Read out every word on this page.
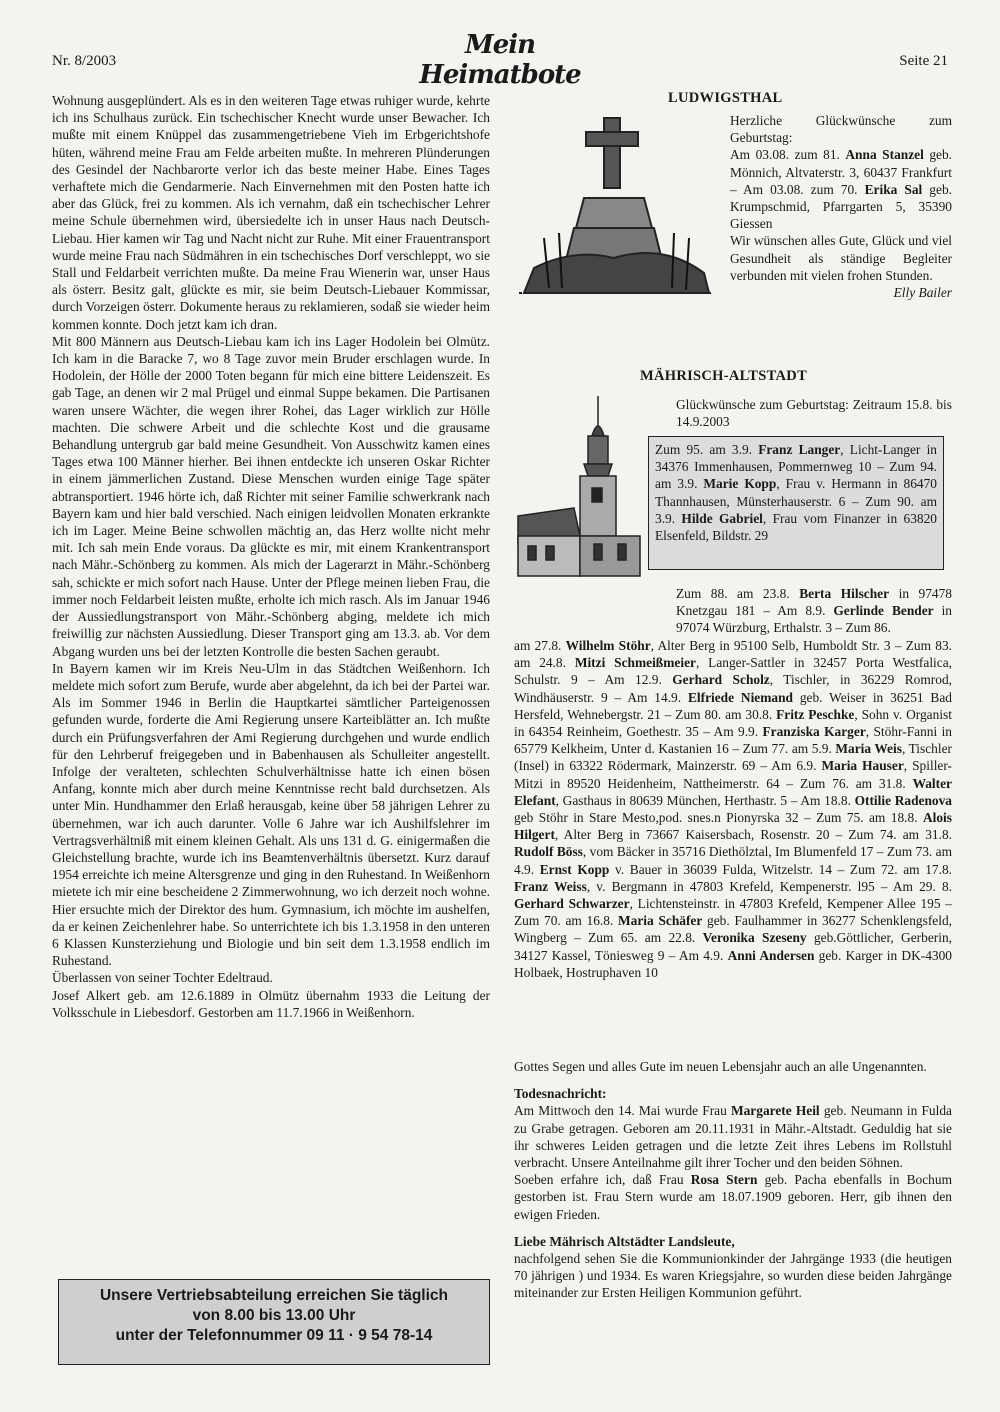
Nr. 8/2003
Mein Heimatbote	Seite 21

Wohnung ausgeplündert. Als es in den weiteren Tage etwas ruhiger wurde, kehrte ich ins Schulhaus zurück. Ein tschechischer Knecht wurde unser Bewacher. Ich mußte mit einem Knüppel das zusammengetriebene Vieh im Erbgerichtshofe hüten, während meine Frau am Felde arbeiten mußte. In mehreren Plünderungen des Gesindel der Nachbarorte verlor ich das beste meiner Habe. Eines Tages verhaftete mich die Gendarmerie. Nach Einvernehmen mit den Posten hatte ich aber das Glück, frei zu kommen. Als ich vernahm, daß ein tschechischer Lehrer meine Schule übernehmen wird, übersiedelte ich in unser Haus nach Deutsch-Liebau. Hier kamen wir Tag und Nacht nicht zur Ruhe. Mit einer Frauentransport wurde meine Frau nach Südmähren in ein tschechisches Dorf verschleppt, wo sie Stall und Feldarbeit verrichten mußte. Da meine Frau Wienerin war, unser Haus als österr. Besitz galt, glückte es mir, sie beim Deutsch-Liebauer Kommissar, durch Vorzeigen österr. Dokumente heraus zu reklamieren, sodaß sie wieder heim kommen konnte. Doch jetzt kam ich dran.

Mit 800 Männern aus Deutsch-Liebau kam ich ins Lager Hodolein bei Olmütz. Ich kam in die Baracke 7, wo 8 Tage zuvor mein Bruder erschlagen wurde. In Hodolein, der Hölle der 2000 Toten begann für mich eine bittere Leidenszeit. Es gab Tage, an denen wir 2 mal Prügel und einmal Suppe bekamen. Die Partisanen waren unsere Wächter, die wegen ihrer Rohei, das Lager wirklich zur Hölle machten. Die schwere Arbeit und die schlechte Kost und die grausame Behandlung untergrub gar bald meine Gesundheit. Von Ausschwitz kamen eines Tages etwa 100 Männer hierher. Bei ihnen entdeckte ich unseren Oskar Richter in einem jämmerlichen Zustand. Diese Menschen wurden einige Tage später abtransportiert. 1946 hörte ich, daß Richter mit seiner Familie schwerkrank nach Bayern kam und hier bald verschied. Nach einigen leidvollen Monaten erkrankte ich im Lager. Meine Beine schwollen mächtig an, das Herz wollte nicht mehr mit. Ich sah mein Ende voraus. Da glückte es mir, mit einem Krankentransport nach Mähr.-Schönberg zu kommen. Als mich der Lagerarzt in Mähr.-Schönberg sah, schickte er mich sofort nach Hause. Unter der Pflege meinen lieben Frau, die immer noch Feldarbeit leisten mußte, erholte ich mich rasch. Als im Januar 1946 der Aussiedlungstransport von Mähr.-Schönberg abging, meldete ich mich freiwillig zur nächsten Aussiedlung. Dieser Transport ging am 13.3. ab. Vor dem Abgang wurden uns bei der letzten Kontrolle die besten Sachen geraubt.

In Bayern kamen wir im Kreis Neu-Ulm in das Städtchen Weißenhorn. Ich meldete mich sofort zum Berufe, wurde aber abgelehnt, da ich bei der Partei war. Als im Sommer 1946 in Berlin die Hauptkartei sämtlicher Parteigenossen gefunden wurde, forderte die Ami Regierung unsere Karteiblätter an. Ich mußte durch ein Prüfungsverfahren der Ami Regierung durchgehen und wurde endlich für den Lehrberuf freigegeben und in Babenhausen als Schulleiter angestellt. Infolge der veralteten, schlechten Schulverhältnisse hatte ich einen bösen Anfang, konnte mich aber durch meine Kenntnisse recht bald durchsetzen. Als unter Min. Hundhammer den Erlaß herausgab, keine über 58 jährigen Lehrer zu übernehmen, war ich auch darunter. Volle 6 Jahre war ich Aushilfslehrer im Vertragsverhältniß mit einem kleinen Gehalt. Als uns 131 d. G. einigermaßen die Gleichstellung brachte, wurde ich ins Beamtenverhältnis übersetzt. Kurz darauf 1954 erreichte ich meine Altersgrenze und ging in den Ruhestand. In Weißenhorn mietete ich mir eine bescheidene 2 Zimmerwohnung, wo ich derzeit noch wohne. Hier ersuchte mich der Direktor des hum. Gymnasium, ich möchte im aushelfen, da er keinen Zeichenlehrer habe. So unterrichtete ich bis 1.3.1958 in den unteren 6 Klassen Kunsterziehung und Biologie und bin seit dem 1.3.1958 endlich im Ruhestand.

Überlassen von seiner Tochter Edeltraud.

Josef Alkert geb. am 12.6.1889 in Olmütz übernahm 1933 die Leitung der Volksschule in Liebesdorf. Gestorben am 11.7.1966 in Weißenhorn.

Unsere Vertriebsabteilung erreichen Sie täglich
von 8.00 bis 13.00 Uhr
unter der Telefonnummer 09 11 · 9 54 78-14
LUDWIGSTHAL

Herzliche Glückwünsche zum Geburtstag:

Am 03.08. zum 81. Anna Stanzel geb. Mönnich, Altvaterstr. 3, 60437 Frankfurt – Am 03.08. zum 70. Erika Sal geb. Krumpschmid, Pfarrgarten 5, 35390 Giessen

Wir wünschen alles Gute, Glück und viel Gesundheit als ständige Begleiter verbunden mit vielen frohen Stunden.
Elly Bailer

MÄHRISCH-ALTSTADT
Glückwünsche zum Geburtstag: Zeitraum 15.8. bis 14.9.2003
Zum 95. am 3.9. Franz Langer, Licht-Langer in 34376 Immenhausen, Pommernweg 10 – Zum 94. am 3.9. Marie Kopp, Frau v. Hermann in 86470 Thannhausen, Münsterhauserstr. 6 – Zum 90. am 3.9. Hilde Gabriel, Frau vom Finanzer in 63820 Elsenfeld, Bildstr. 29
Zum 88. am 23.8. Berta Hilscher in 97478 Knetzgau 181 – Am 8.9. Gerlinde Bender in 97074 Würzburg, Erthalstr. 3 – Zum 86.
am 27.8. Wilhelm Stöhr, Alter Berg in 95100 Selb, Humboldt Str. 3 – Zum 83. am 24.8. Mitzi Schmeißmeier, Langer-Sattler in 32457 Porta Westfalica, Schulstr. 9 – Am 12.9. Gerhard Scholz, Tischler, in 36229 Romrod, Windhäuserstr. 9 – Am 14.9. Elfriede Niemand geb. Weiser in 36251 Bad Hersfeld, Wehnebergstr. 21 – Zum 80. am 30.8. Fritz Peschke, Sohn v. Organist in 64354 Reinheim, Goethestr. 35 – Am 9.9. Franziska Karger, Stöhr-Fanni in 65779 Kelkheim, Unter d. Kastanien 16 – Zum 77. am 5.9. Maria Weis, Tischler (Insel) in 63322 Rödermark, Mainzerstr. 69 – Am 6.9. Maria Hauser, Spiller-Mitzi in 89520 Heidenheim, Nattheimerstr. 64 – Zum 76. am 31.8. Walter Elefant, Gasthaus in 80639 München, Herthastr. 5 – Am 18.8. Ottilie Radenova geb Stöhr in Stare Mesto,pod. snes.n Pionyrska 32 – Zum 75. am 18.8. Alois Hilgert, Alter Berg in 73667 Kaisersbach, Rosenstr. 20 – Zum 74. am 31.8. Rudolf Böss, vom Bäcker in 35716 Diethölztal, Im Blumenfeld 17 – Zum 73. am 4.9. Ernst Kopp v. Bauer in 36039 Fulda, Witzelstr. 14 – Zum 72. am 17.8. Franz Weiss, v. Bergmann in 47803 Krefeld, Kempenerstr. l95 – Am 29. 8. Gerhard Schwarzer, Lichtensteinstr. in 47803 Krefeld, Kempener Allee 195 – Zum 70. am 16.8. Maria Schäfer geb. Faulhammer in 36277 Schenklengsfeld, Wingberg – Zum 65. am 22.8. Veronika Szeseny geb.Göttlicher, Gerberin, 34127 Kassel, Töniesweg 9 – Am 4.9. Anni Andersen geb. Karger in DK-4300 Holbaek, Hostruphaven 10

Gottes Segen und alles Gute im neuen Lebensjahr auch an alle Ungenannten.

Todesnachricht:

Am Mittwoch den 14. Mai wurde Frau Margarete Heil geb. Neumann in Fulda zu Grabe getragen. Geboren am 20.11.1931 in Mähr.-Altstadt. Geduldig hat sie ihr schweres Leiden getragen und die letzte Zeit ihres Lebens im Rollstuhl verbracht. Unsere Anteilnahme gilt ihrer Tocher und den beiden Söhnen.

Soeben erfahre ich, daß Frau Rosa Stern geb. Pacha ebenfalls in Bochum gestorben ist. Frau Stern wurde am 18.07.1909 geboren. Herr, gib ihnen den ewigen Frieden.

Liebe Mährisch Altstädter Landsleute,

nachfolgend sehen Sie die Kommunionkinder der Jahrgänge 1933 (die heutigen 70 jährigen ) und 1934. Es waren Kriegsjahre, so wurden diese beiden Jahrgänge miteinander zur Ersten Heiligen Kommunion geführt.
